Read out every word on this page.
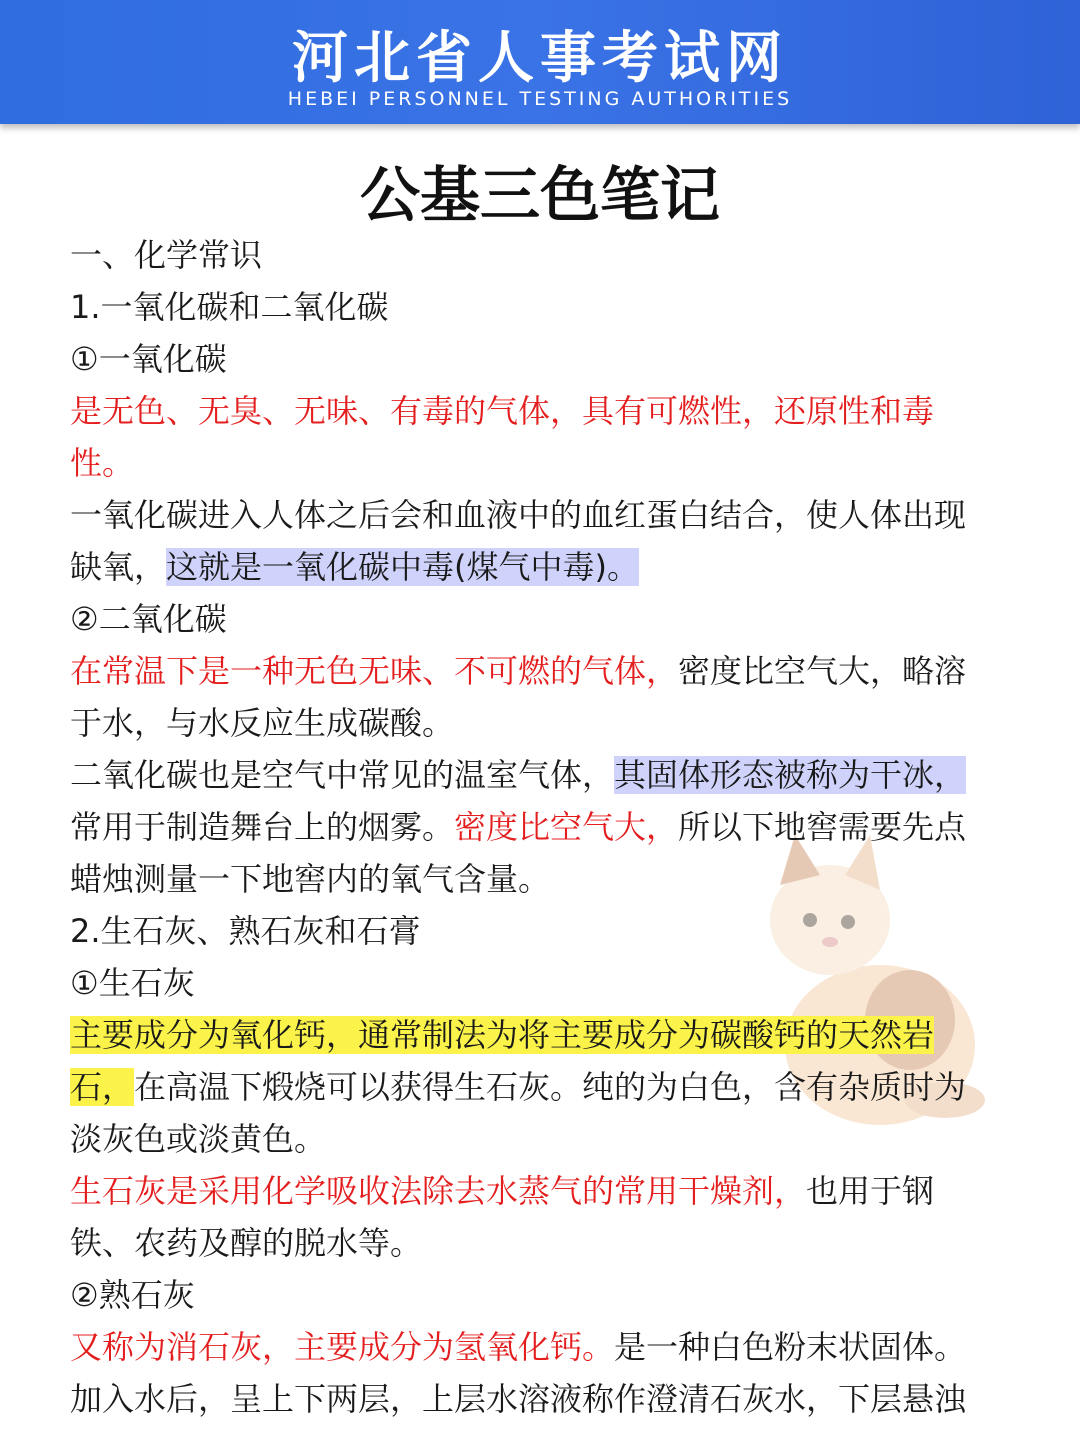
河北省人事考试网
HEBEI PERSONNEL TESTING AUTHORITIES
公基三色笔记
一、化学常识
1.一氧化碳和二氧化碳
①一氧化碳
是无色、无臭、无味、有毒的气体，具有可燃性，还原性和毒
性。
一氧化碳进入人体之后会和血液中的血红蛋白结合，使人体出现
缺氧，这就是一氧化碳中毒(煤气中毒)。
②二氧化碳
在常温下是一种无色无味、不可燃的气体，密度比空气大，略溶
于水，与水反应生成碳酸。
二氧化碳也是空气中常见的温室气体，其固体形态被称为干冰，
常用于制造舞台上的烟雾。密度比空气大，所以下地窖需要先点
蜡烛测量一下地窖内的氧气含量。
2.生石灰、熟石灰和石膏
①生石灰
主要成分为氧化钙，通常制法为将主要成分为碳酸钙的天然岩
石，在高温下煅烧可以获得生石灰。纯的为白色，含有杂质时为
淡灰色或淡黄色。
生石灰是采用化学吸收法除去水蒸气的常用干燥剂，也用于钢
铁、农药及醇的脱水等。
②熟石灰
又称为消石灰，主要成分为氢氧化钙。是一种白色粉末状固体。
加入水后，呈上下两层，上层水溶液称作澄清石灰水，下层悬浊
